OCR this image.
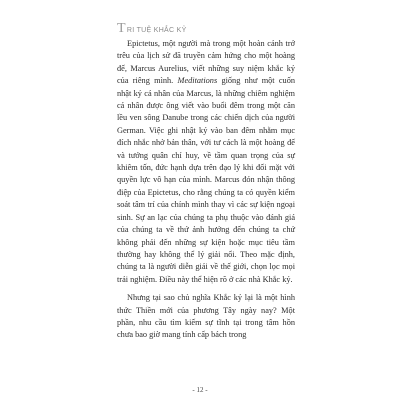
T RI TUỆ KHẮC KỶ

Epictetus, một người mà trong một hoàn cảnh trớ trêu của lịch sử đã truyền cảm hứng cho một hoàng đế, Marcus Aurelius, viết những suy niệm khắc kỷ của riêng mình. Meditations giống như một cuốn nhật ký cá nhân của Marcus, là những chiêm nghiệm cá nhân được ông viết vào buổi đêm trong một căn lều ven sông Danube trong các chiến dịch của người German. Việc ghi nhật ký vào ban đêm nhằm mục đích nhắc nhở bản thân, với tư cách là một hoàng đế và tướng quân chỉ huy, về tầm quan trọng của sự khiêm tốn, đức hạnh dựa trên đạo lý khi đối mặt với quyền lực vô hạn của mình. Marcus đón nhận thông điệp của Epictetus, cho rằng chúng ta có quyền kiểm soát tâm trí của chính mình thay vì các sự kiện ngoại sinh. Sự an lạc của chúng ta phụ thuộc vào đánh giá của chúng ta về thứ ảnh hưởng đến chúng ta chứ không phải đến những sự kiện hoặc mục tiêu tầm thường hay không thể lý giải nổi. Theo mặc định, chúng ta là người diễn giải về thế giới, chọn lọc mọi trải nghiệm. Điều này thể hiện rõ ở các nhà Khắc kỷ.

Nhưng tại sao chủ nghĩa Khắc kỷ lại là một hình thức Thiền mới của phương Tây ngày nay? Một phần, nhu cầu tìm kiếm sự tĩnh tại trong tâm hồn chưa bao giờ mang tính cấp bách trong

- 12 -
